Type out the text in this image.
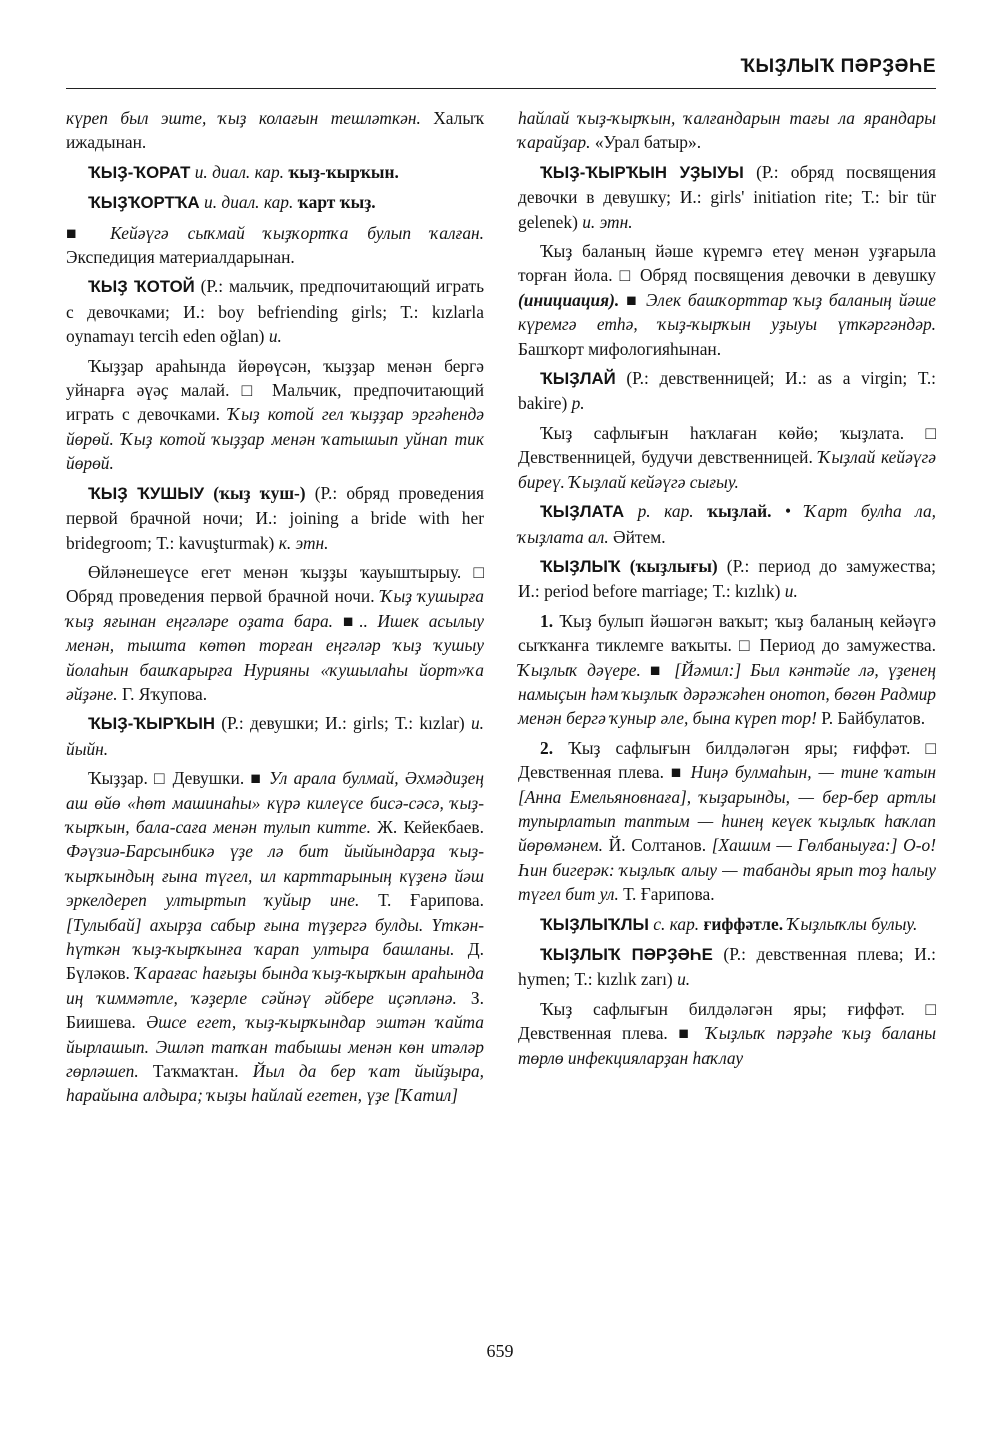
ҠЫҘЛЫҠ ПӘРҘӘҺЕ

күреп был эште, ҡыҙ колағын тешләткән. Халыҡ ижадынан.

ҠЫҘ-ҠОРАТ и. диал. кар. ҡыҙ-ҡырҡын.

ҠЫҘҠОРТҠА и. диал. кар. ҡарт ҡыҙ.

■ Кейәүгә сыҡмай ҡыҙҡортҡа булып ҡалған. Экспедиция материалдарынан.

ҠЫҘ ҠОТОЙ (Р.: мальчик, предпочитающий играть с девочками; И.: boy befriending girls; Т.: kızlarla oynamayı tercih eden oğlan) и.

Ҡыҙҙар араһында йөрөүсән, ҡыҙҙар менән бергә уйнарға әүәҫ малай. □ Мальчик, предпочитающий играть с девочками. Ҡыҙ котой гел ҡыҙҙар эргәһендә йөрөй. Ҡыҙ котой ҡыҙҙар менән ҡатышып уйнап тик йөрөй.

ҠЫҘ ҠУШЫУ (ҡыҙ ҡуш-) (Р.: обряд проведения первой брачной ночи; И.: joining a bride with her bridegroom; Т.: kavuşturmak) к. этн.

Өйләнешеүсе егет менән ҡыҙҙы ҡауыштырыу. □ Обряд проведения первой брачной ночи. Ҡыҙ ҡушырға ҡыҙ яғынан еңгәләре оҙата бара. ■.. Ишек асылыу менән, тышта көтөп торған еңгәләр ҡыҙ ҡушыу йолаһын башҡарырға Нурияны «ҡушылаһы йорт»ҡа әйҙәне. Г. Яҡупова.

ҠЫҘ-ҠЫРҠЫН (Р.: девушки; И.: girls; Т.: kızlar) и. йыйн.

Ҡыҙҙар. □ Девушки. ■ Ул арала булмай, Әхмәдиҙең аш өйө «һөт машинаһы» күрә килеүсе бисә-сәсә, ҡыҙ-ҡырҡын, бала-саға менән тулып китте. Ж. Кейекбаев. Фәүзиә-Барсынбикә үҙе лә бит йыйындарҙа ҡыҙ-ҡырҡындың ғына түгел, ил карттарының күҙенә йәш эркелдереп ултыртып ҡуйыр ине. Т. Ғарипова. [Тулыбай] ахырҙа сабыр ғына түҙергә булды. Үткән-һүткән ҡыҙ-ҡырҡынға ҡарап ултыра башланы. Д. Бүләков. Ҡарағас һағыҙы бында ҡыҙ-ҡырҡын араһында иң ҡиммәтле, ҡәҙерле сәйнәү әйбере иҫәпләнә. З. Биишева. Әшсе егет, ҡыҙ-ҡырҡындар эштән ҡайта йырлашып. Эшләп тапҡан табышы менән көн итәләр гөрләшеп. Таҡмаҡтан. Йыл да бер ҡат йыйҙыра, һарайына алдыра; ҡыҙы һайлай егетен, үҙе [Ҡатил]

һайлай ҡыҙ-ҡырҡын, ҡалғандарын тағы ла ярандары ҡарайҙар. «Урал батыр».

ҠЫҘ-ҠЫРҠЫН УҘЫУЫ (Р.: обряд посвящения девочки в девушку; И.: girls' initiation rite; Т.: bir tür gelenek) и. этн.

Ҡыҙ баланың йәше күремгә етеү менән уҙғарыла торған йола. □ Обряд посвящения девочки в девушку (инициация). ■ Элек башҡорттар ҡыҙ баланың йәше күремгә етһә, ҡыҙ-ҡырҡын уҙыуы үткәргәндәр. Башҡорт мифологияһынан.

ҠЫҘЛАЙ (Р.: девственницей; И.: as a virgin; Т.: bakire) р.

Ҡыҙ сафлығын һаҡлаған көйө; ҡыҙлата. □ Девственницей, будучи девственницей. Ҡыҙлай кейәүгә биреү. Ҡыҙлай кейәүгә сығыу.

ҠЫҘЛАТА р. кар. ҡыҙлай. • Ҡарт булһа ла, ҡыҙлата ал. Әйтем.

ҠЫҘЛЫҠ (ҡыҙлығы) (Р.: период до замужества; И.: period before marriage; Т.: kızlık) и.

1. Ҡыҙ булып йәшәгән ваҡыт; ҡыҙ баланың кейәүгә сыҡҡанға тиклемге ваҡыты. □ Период до замужества. Ҡыҙлыҡ дәүере. ■ [Йәмил:] Был кәнтәйе лә, үҙенең намыҫын һәм ҡыҙлыҡ дәрәжәһен онотоп, бөгөн Радмир менән бергә ҡуныр әле, бына күреп тор! Р. Байбулатов.

2. Ҡыҙ сафлығын билдәләгән яры; ғиффәт. □ Девственная плева. ■ Ниңә булмаһын, — тине ҡатын [Анна Емельяновнаға], ҡыҙарынды, — бер-бер артлы тупырлатып таптым — һинең кеүек ҡыҙлыҡ һаҡлап йөрөмәнем. Й. Солтанов. [Хашим — Гөлбаныуға:] О-о! Һин бигерәк: ҡыҙлыҡ алыу — табанды ярып тоҙ һалыу түгел бит ул. Т. Ғарипова.

ҠЫҘЛЫҠЛЫ с. кар. ғиффәтле. Ҡыҙлыҡлы булыу.

ҠЫҘЛЫҠ ПӘРҘӘҺЕ (Р.: девственная плева; И.: hymen; Т.: kızlık zarı) и.

Ҡыҙ сафлығын билдәләгән яры; ғиффәт. □ Девственная плева. ■ Ҡыҙлыҡ пәрҙәһе ҡыҙ баланы төрлө инфекцияларҙан һаҡлау

659
